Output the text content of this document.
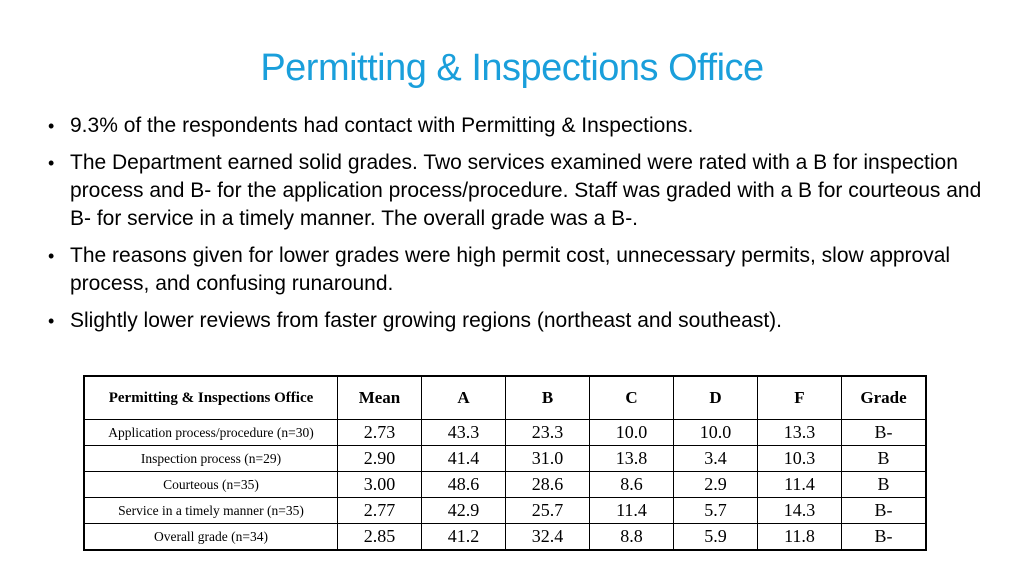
Permitting & Inspections Office
• 9.3% of the respondents had contact with Permitting & Inspections.
• The Department earned solid grades. Two services examined were rated with a B for inspection process and B- for the application process/procedure. Staff was graded with a B for courteous and B- for service in a timely manner. The overall grade was a B-.
• The reasons given for lower grades were high permit cost, unnecessary permits, slow approval process, and confusing runaround.
• Slightly lower reviews from faster growing regions (northeast and southeast).
Permitting & Inspections Office	Mean	A	B	C	D	F	Grade
Application process/procedure (n=30)	2.73	43.3	23.3	10.0	10.0	13.3	B-
Inspection process (n=29)	2.90	41.4	31.0	13.8	3.4	10.3	B
Courteous (n=35)	3.00	48.6	28.6	8.6	2.9	11.4	B
Service in a timely manner (n=35)	2.77	42.9	25.7	11.4	5.7	14.3	B-
Overall grade (n=34)	2.85	41.2	32.4	8.8	5.9	11.8	B-
